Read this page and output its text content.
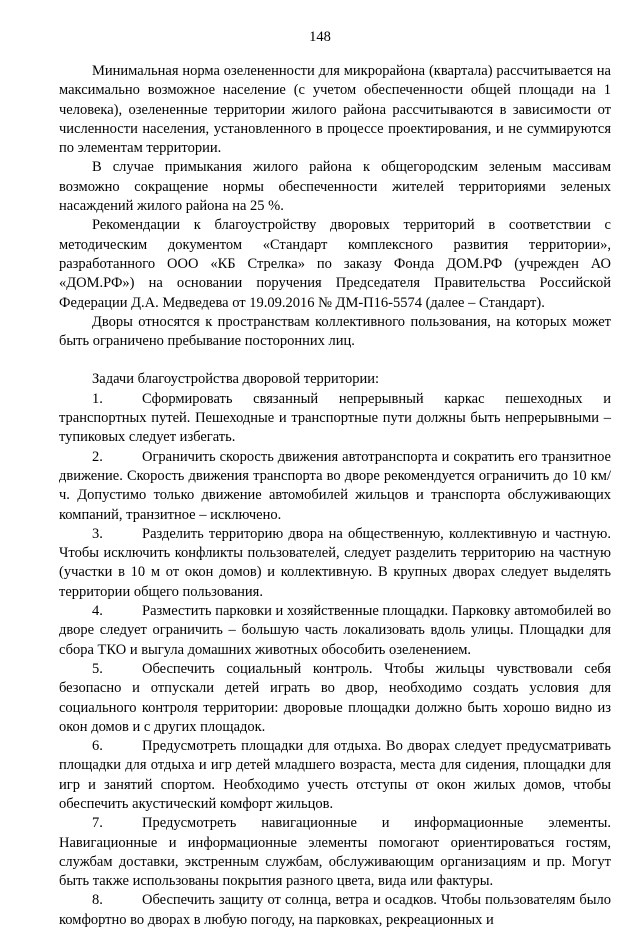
148

Минимальная норма озелененности для микрорайона (квартала) рассчитывается на максимально возможное население (с учетом обеспеченности общей площади на 1 человека), озелененные территории жилого района рассчитываются в зависимости от численности населения, установленного в процессе проектирования, и не суммируются по элементам территории.

В случае примыкания жилого района к общегородским зеленым массивам возможно сокращение нормы обеспеченности жителей территориями зеленых насаждений жилого района на 25 %.

Рекомендации к благоустройству дворовых территорий в соответствии с методическим документом «Стандарт комплексного развития территории», разработанного ООО «КБ Стрелка» по заказу Фонда ДОМ.РФ (учрежден АО «ДОМ.РФ») на основании поручения Председателя Правительства Российской Федерации Д.А. Медведева от 19.09.2016 № ДМ-П16-5574 (далее – Стандарт).

Дворы относятся к пространствам коллективного пользования, на которых может быть ограничено пребывание посторонних лиц.

Задачи благоустройства дворовой территории:

1.	Сформировать связанный непрерывный каркас пешеходных и транспортных путей. Пешеходные и транспортные пути должны быть непрерывными – тупиковых следует избегать.

2.	Ограничить скорость движения автотранспорта и сократить его транзитное движение. Скорость движения транспорта во дворе рекомендуется ограничить до 10 км/ч. Допустимо только движение автомобилей жильцов и транспорта обслуживающих компаний, транзитное – исключено.

3.	Разделить территорию двора на общественную, коллективную и частную. Чтобы исключить конфликты пользователей, следует разделить территорию на частную (участки в 10 м от окон домов) и коллективную. В крупных дворах следует выделять территории общего пользования.

4.	Разместить парковки и хозяйственные площадки. Парковку автомобилей во дворе следует ограничить – большую часть локализовать вдоль улицы. Площадки для сбора ТКО и выгула домашних животных обособить озеленением.

5.	Обеспечить социальный контроль. Чтобы жильцы чувствовали себя безопасно и отпускали детей играть во двор, необходимо создать условия для социального контроля территории: дворовые площадки должно быть хорошо видно из окон домов и с других площадок.

6.	Предусмотреть площадки для отдыха. Во дворах следует предусматривать площадки для отдыха и игр детей младшего возраста, места для сидения, площадки для игр и занятий спортом. Необходимо учесть отступы от окон жилых домов, чтобы обеспечить акустический комфорт жильцов.

7.	Предусмотреть навигационные и информационные элементы. Навигационные и информационные элементы помогают ориентироваться гостям, службам доставки, экстренным службам, обслуживающим организациям и пр. Могут быть также использованы покрытия разного цвета, вида или фактуры.

8.	Обеспечить защиту от солнца, ветра и осадков. Чтобы пользователям было комфортно во дворах в любую погоду, на парковках, рекреационных и
